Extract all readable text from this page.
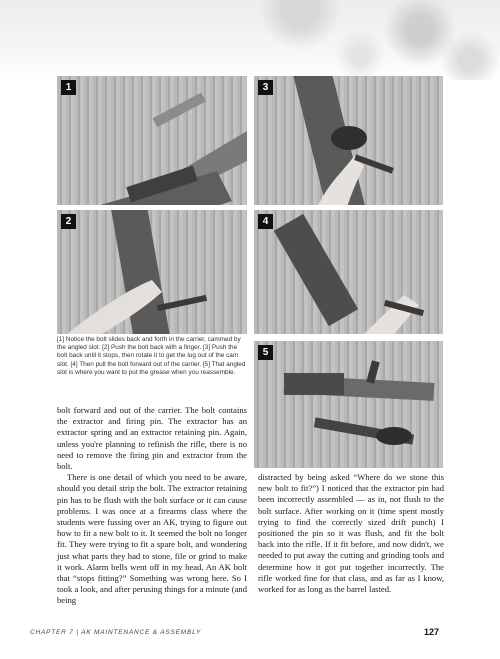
1	3
2	4
5
[1] Notice the bolt slides back and forth in the carrier, cammed by the angled slot. [2] Push the bolt back with a finger. [3] Push the bolt back until it stops, then rotate it to get the lug out of the cam slot. [4] Then pull the bolt forward out of the carrier. [5] That angled slot is where you want to put the grease when you reassemble.

bolt forward and out of the carrier. The bolt contains the extractor and firing pin. The extractor has an extractor spring and an extractor retaining pin. Again, unless you're planning to refinish the rifle, there is no need to remove the firing pin and extractor from the bolt.

There is one detail of which you need to be aware, should you detail strip the bolt. The extractor retaining pin has to be flush with the bolt surface or it can cause problems. I was once at a firearms class where the students were fussing over an AK, trying to figure out how to fit a new bolt to it. It seemed the bolt no longer fit. They were trying to fit a spare bolt, and wondering just what parts they had to stone, file or grind to make it work. Alarm bells went off in my head. An AK bolt that “stops fitting?” Something was wrong here. So I took a look, and after perusing things for a minute (and being

distracted by being asked “Where do we stone this new bolt to fit?”) I noticed that the extractor pin had been incorrectly assembled — as in, not flush to the bolt surface. After working on it (time spent mostly trying to find the correctly sized drift punch) I positioned the pin so it was flush, and fit the bolt back into the rifle. If it fit before, and now didn't, we needed to put away the cutting and grinding tools and determine how it got put together incorrectly. The rifle worked fine for that class, and as far as I know, worked for as long as the barrel lasted.

CHAPTER 7 | AK MAINTENANCE & ASSEMBLY	127
